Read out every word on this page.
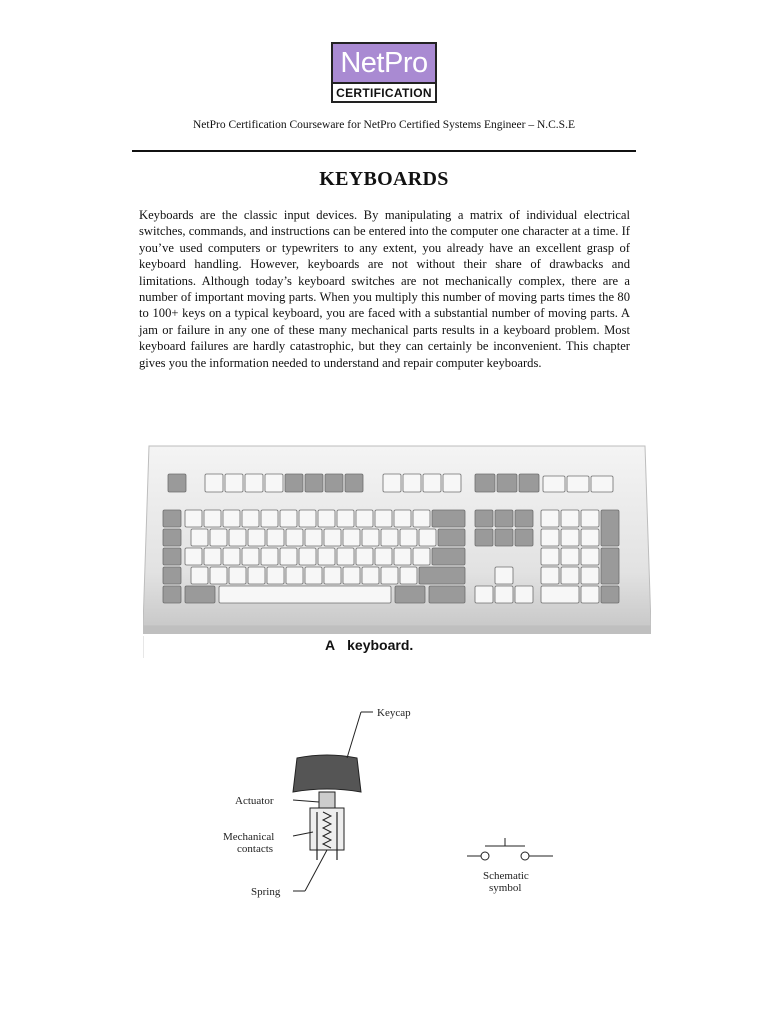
NetPro
CERTIFICATION
NetPro Certification Courseware for NetPro Certified Systems Engineer – N.C.S.E
KEYBOARDS

Keyboards are the classic input devices. By manipulating a matrix of individual electrical switches, commands, and instructions can be entered into the computer one character at a time. If you’ve used computers or typewriters to any extent, you already have an excellent grasp of keyboard handling. However, keyboards are not without their share of drawbacks and limitations. Although today’s keyboard switches are not mechanically complex, there are a number of important moving parts. When you multiply this number of moving parts times the 80 to 100+ keys on a typical keyboard, you are faced with a substantial number of moving parts. A jam or failure in any one of these many mechanical parts results in a keyboard problem. Most keyboard failures are hardly catastrophic, but they can certainly be inconvenient. This chapter gives you the information needed to understand and repair computer keyboards.

A keyboard.
Keycap
Actuator
Mechanical
contacts
Spring
Schematic
symbol
